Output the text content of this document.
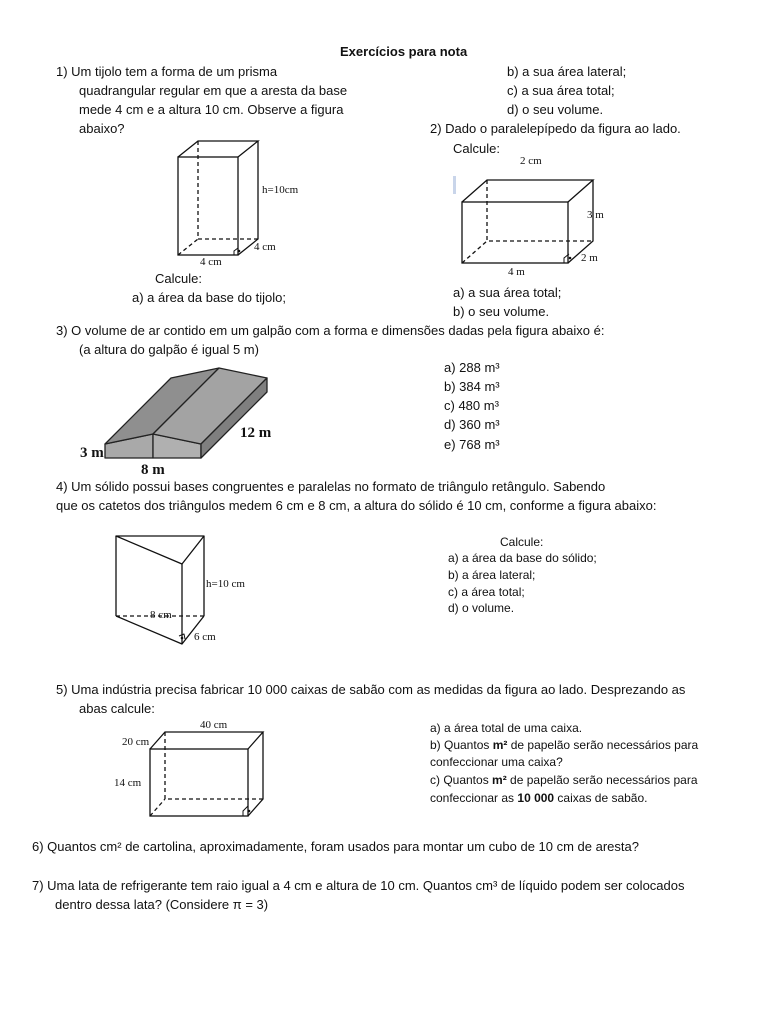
Exercícios para nota
1) Um tijolo tem a forma de um prisma
quadrangular regular em que a aresta da base
mede 4 cm e a altura 10 cm. Observe a figura
abaixo?
h=10cm
4 cm
4 cm
Calcule:
a) a área da base do tijolo;
b) a sua área lateral;
c) a sua área total;
d) o seu volume.
2) Dado o paralelepípedo da figura ao lado.
Calcule:
2 cm
3 m
4 m
2 m
a) a sua área total;
b) o seu volume.
3) O volume de ar contido em um galpão com a forma e dimensões dadas pela figura abaixo é:
(a altura do galpão é igual 5 m)
3 m
12 m
8 m
a) 288 m³
b) 384 m³
c) 480 m³
d) 360 m³
e) 768 m³
4) Um sólido possui bases congruentes e paralelas no formato de triângulo retângulo. Sabendo
que os catetos dos triângulos medem 6 cm e 8 cm, a altura do sólido é 10 cm, conforme a figura abaixo:
h=10 cm
8 cm
6 cm
Calcule:
a) a área da base do sólido;
b) a área lateral;
c) a área total;
d) o volume.
5) Uma indústria precisa fabricar 10 000 caixas de sabão com as medidas da figura ao lado. Desprezando as
abas calcule:
40 cm
20 cm
14 cm
a) a área total de uma caixa.
b) Quantos m² de papelão serão necessários para
confeccionar uma caixa?
c) Quantos m² de papelão serão necessários para
confeccionar as 10 000 caixas de sabão.
6) Quantos cm² de cartolina, aproximadamente, foram usados para montar um cubo de 10 cm de aresta?
7) Uma lata de refrigerante tem raio igual a 4 cm e altura de 10 cm. Quantos cm³ de líquido podem ser colocados
dentro dessa lata? (Considere π = 3)
